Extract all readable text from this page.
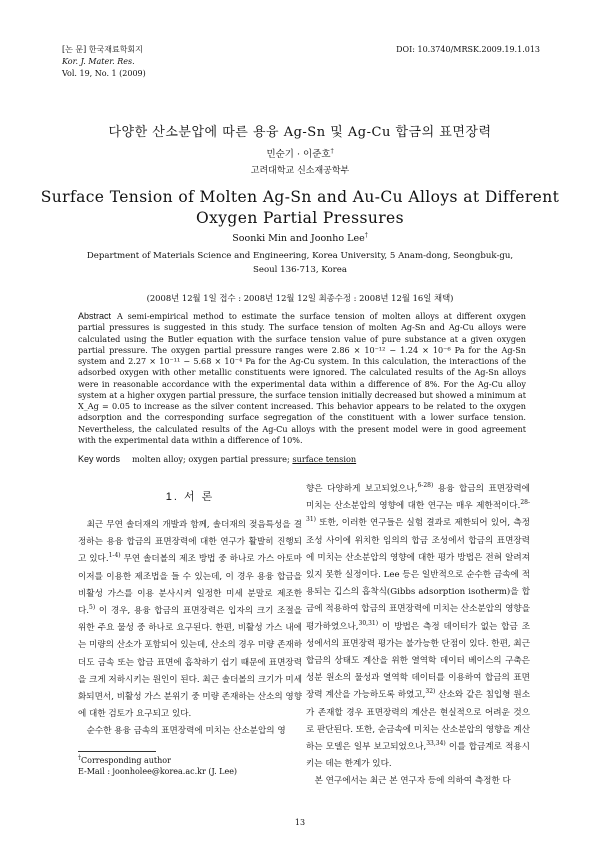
[논 문] 한국재료학회지
Kor. J. Mater. Res.
Vol. 19, No. 1 (2009)
DOI: 10.3740/MRSK.2009.19.1.013
다양한 산소분압에 따른 용융 Ag-Sn 및 Ag-Cu 합금의 표면장력
민순기 · 이준호†
고려대학교 신소재공학부
Surface Tension of Molten Ag-Sn and Au-Cu Alloys at Different
Oxygen Partial Pressures
Soonki Min and Joonho Lee†
Department of Materials Science and Engineering, Korea University, 5 Anam-dong, Seongbuk-gu,
Seoul 136-713, Korea
(2008년 12월 1일 접수 : 2008년 12월 12일 최종수정 : 2008년 12월 16일 채택)
Abstract A semi-empirical method to estimate the surface tension of molten alloys at different oxygen partial pressures is suggested in this study. The surface tension of molten Ag-Sn and Ag-Cu alloys were calculated using the Butler equation with the surface tension value of pure substance at a given oxygen partial pressure. The oxygen partial pressure ranges were 2.86 × 10⁻¹² − 1.24 × 10⁻⁶ Pa for the Ag-Sn system and 2.27 × 10⁻¹¹ − 5.68 × 10⁻⁴ Pa for the Ag-Cu system. In this calculation, the interactions of the adsorbed oxygen with other metallic constituents were ignored. The calculated results of the Ag-Sn alloys were in reasonable accordance with the experimental data within a difference of 8%. For the Ag-Cu alloy system at a higher oxygen partial pressure, the surface tension initially decreased but showed a minimum at X_Ag = 0.05 to increase as the silver content increased. This behavior appears to be related to the oxygen adsorption and the corresponding surface segregation of the constituent with a lower surface tension. Nevertheless, the calculated results of the Ag-Cu alloys with the present model were in good agreement with the experimental data within a difference of 10%.
Key words molten alloy; oxygen partial pressure; surface tension
1. 서 론

최근 무연 솔더재의 개발과 함께, 솔더재의 젖음특성을 결정하는 용융 합금의 표면장력에 대한 연구가 활발히 진행되고 있다.$^{1-4)}$ 무연 솔더볼의 제조 방법 중 하나로 가스 아토마이저를 이용한 제조법을 들 수 있는데, 이 경우 용융 합금을 비활성 가스를 이용 분사시켜 일정한 미세 분말로 제조한다.$^{5)}$ 이 경우, 용융 합금의 표면장력은 입자의 크기 조절을 위한 주요 물성 중 하나로 요구된다. 한편, 비활성 가스 내에는 미량의 산소가 포함되어 있는데, 산소의 경우 미량 존재하더도 금속 또는 합금 표면에 흡착하기 쉽기 때문에 표면장력을 크게 저하시키는 원인이 된다. 최근 솔더볼의 크기가 미세화되면서, 비활성 가스 분위기 중 미량 존재하는 산소의 영향에 대한 검토가 요구되고 있다.

순수한 용융 금속의 표면장력에 미치는 산소분압의 영

향은 다양하게 보고되었으나,$^{6-28)}$ 용융 합금의 표면장력에 미치는 산소분압의 영향에 대한 연구는 매우 제한적이다.$^{28-31)}$ 또한, 이러한 연구들은 실험 결과로 제한되어 있어, 측정 조성 사이에 위치한 임의의 합금 조성에서 합금의 표면장력에 미치는 산소분압의 영향에 대한 평가 방법은 전혀 알려져 있지 못한 실정이다. Lee 등은 일반적으로 순수한 금속에 적용되는 깁스의 흡착식(Gibbs adsorption isotherm)을 합금에 적용하여 합금의 표면장력에 미치는 산소분압의 영향을 평가하였으나,$^{30,31)}$ 이 방법은 측정 데이터가 없는 합금 조성에서의 표면장력 평가는 불가능한 단점이 있다. 한편, 최근 합금의 상태도 계산을 위한 열역학 데이터 베이스의 구축은 성분 원소의 물성과 열역학 데이터를 이용하여 합금의 표면장력 계산을 가능하도록 하였고,$^{32)}$ 산소와 같은 침입형 원소가 존재할 경우 표면장력의 계산은 현실적으로 어려운 것으로 판단된다. 또한, 순금속에 미치는 산소분압의 영향을 계산하는 모델은 일부 보고되었으나,$^{33,34)}$ 이를 합금계로 적용시키는 데는 한계가 있다.

본 연구에서는 최근 본 연구자 등에 의하여 측정한 다

†Corresponding author
E-Mail : joonholee@korea.ac.kr (J. Lee)
13
